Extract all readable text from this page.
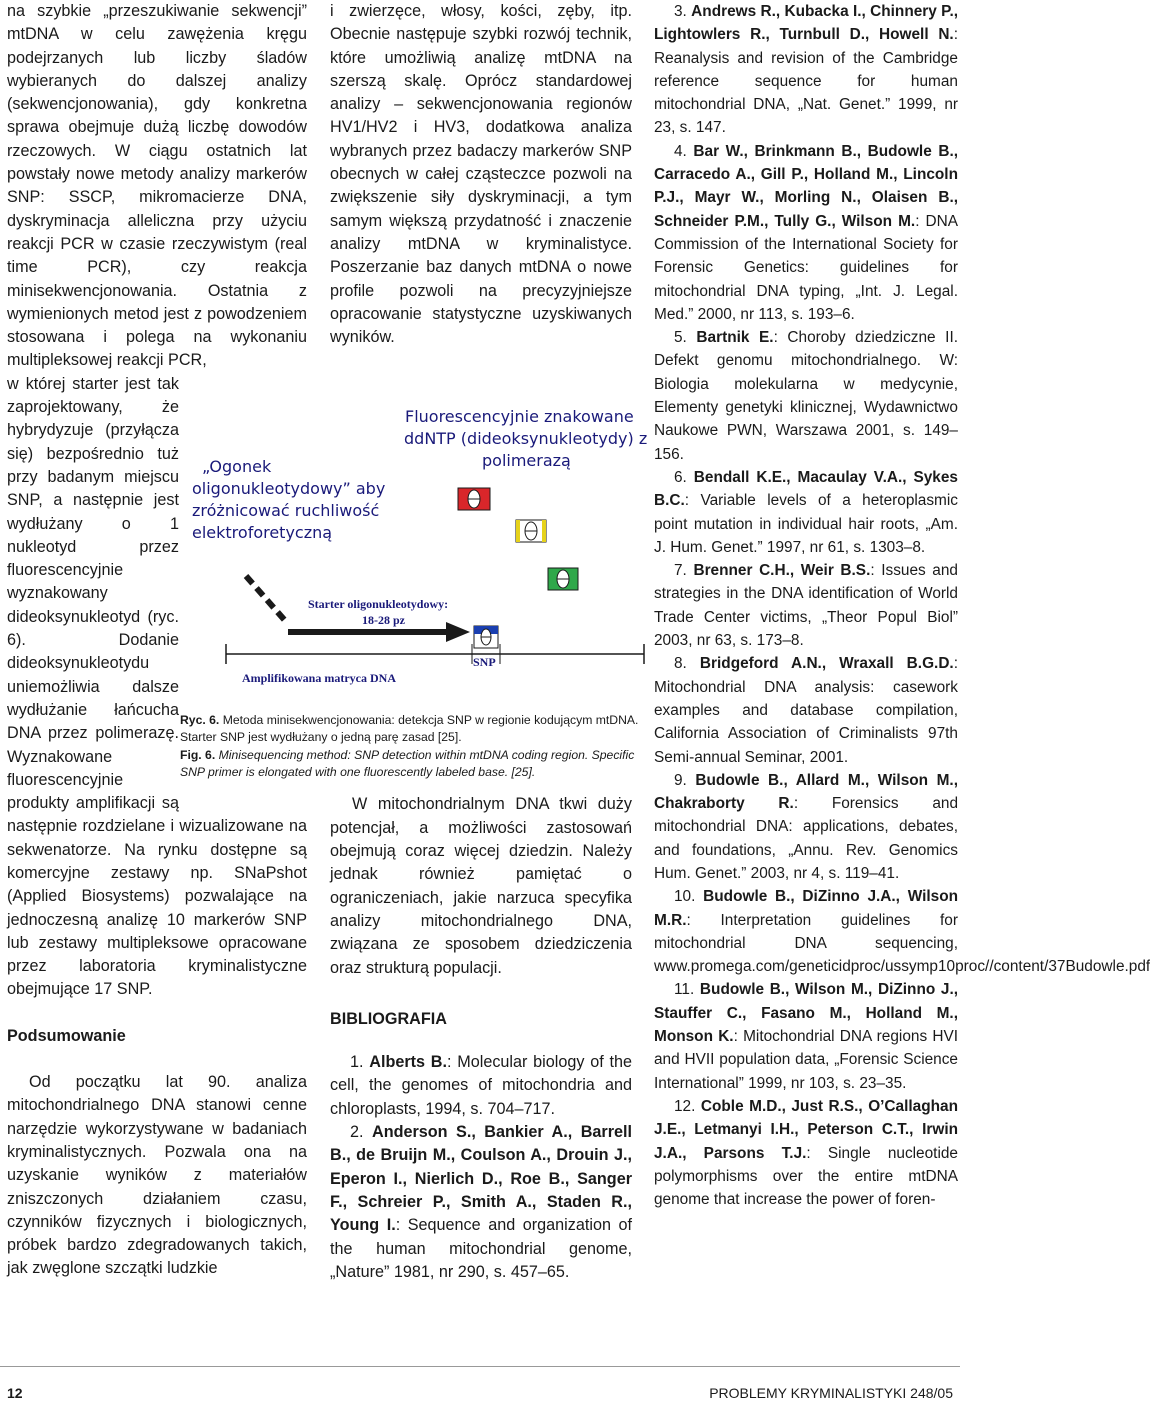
na szybkie „przeszukiwanie sekwencji” mtDNA w celu zawężenia kręgu podejrzanych lub liczby śladów wybieranych do dalszej analizy (sekwencjonowania), gdy konkretna sprawa obejmuje dużą liczbę dowodów rzeczowych. W ciągu ostatnich lat powstały nowe metody analizy markerów SNP: SSCP, mikromacierze DNA, dyskryminacja alleliczna przy użyciu reakcji PCR w czasie rzeczywistym (real time PCR), czy reakcja minisekwencjonowania. Ostatnia z wymienionych metod jest z powodzeniem stosowana i polega na wykonaniu multipleksowej reakcji PCR,

w której starter jest tak zaprojektowany, że hybrydyzuje (przyłącza się) bezpośrednio tuż przy badanym miejscu SNP, a następnie jest wydłużany o 1 nukleotyd przez fluorescencyjnie wyznakowany dideoksynukleotyd (ryc. 6). Dodanie dideoksynukleotydu uniemożliwia dalsze wydłużanie łańcucha DNA przez polimerazę. Wyznakowane fluorescencyjnie produkty amplifikacji są następnie rozdzielane i wizualizowane na sekwenatorze. Na rynku dostępne są komercyjne zestawy np. SNaPshot (Applied Biosystems) pozwalające na jednoczesną analizę 10 markerów SNP lub zestawy multipleksowe opracowane przez laboratoria kryminalistyczne obejmujące 17 SNP.

Podsumowanie

Od początku lat 90. analiza mitochondrialnego DNA stanowi cenne narzędzie wykorzystywane w badaniach kryminalistycznych. Pozwala ona na uzyskanie wyników z materiałów zniszczonych działaniem czasu, czynników fizycznych i biologicznych, próbek bardzo zdegradowanych takich, jak zwęglone szczątki ludzkie

i zwierzęce, włosy, kości, zęby, itp. Obecnie następuje szybki rozwój technik, które umożliwią analizę mtDNA na szerszą skalę. Oprócz standardowej analizy – sekwencjonowania regionów HV1/HV2 i HV3, dodatkowa analiza wybranych przez badaczy markerów SNP obecnych w całej cząsteczce pozwoli na zwiększenie siły dyskryminacji, a tym samym większą przydatność i znaczenie analizy mtDNA w kryminalistyce. Poszerzanie baz danych mtDNA o nowe profile pozwoli na precyzyjniejsze opracowanie statystyczne uzyskiwanych wyników.

W mitochondrialnym DNA tkwi duży potencjał, a możliwości zastosowań obejmują coraz więcej dziedzin. Należy jednak również pamiętać o ograniczeniach, jakie narzuca specyfika analizy mitochondrialnego DNA, związana ze sposobem dziedziczenia oraz strukturą populacji.

BIBLIOGRAFIA

1. Alberts B.: Molecular biology of the cell, the genomes of mitochondria and chloroplasts, 1994, s. 704–717.

2. Anderson S., Bankier A., Barrell B., de Bruijn M., Coulson A., Drouin J., Eperon I., Nierlich D., Roe B., Sanger F., Schreier P., Smith A., Staden R., Young I.: Sequence and organization of the human mitochondrial genome, „Nature” 1981, nr 290, s. 457–65.

3. Andrews R., Kubacka I., Chinnery P., Lightowlers R., Turnbull D., Howell N.: Reanalysis and revision of the Cambridge reference sequence for human mitochondrial DNA, „Nat. Genet.” 1999, nr 23, s. 147.

4. Bar W., Brinkmann B., Budowle B., Carracedo A., Gill P., Holland M., Lincoln P.J., Mayr W., Morling N., Olaisen B., Schneider P.M., Tully G., Wilson M.: DNA Commission of the International Society for Forensic Genetics: guidelines for mitochondrial DNA typing, „Int. J. Legal. Med.” 2000, nr 113, s. 193–6.

5. Bartnik E.: Choroby dziedziczne II. Defekt genomu mitochondrialnego. W: Biologia molekularna w medycynie, Elementy genetyki klinicznej, Wydawnictwo Naukowe PWN, Warszawa 2001, s. 149–156.

6. Bendall K.E., Macaulay V.A., Sykes B.C.: Variable levels of a heteroplasmic point mutation in individual hair roots, „Am. J. Hum. Genet.” 1997, nr 61, s. 1303–8.

7. Brenner C.H., Weir B.S.: Issues and strategies in the DNA identification of World Trade Center victims, „Theor Popul Biol” 2003, nr 63, s. 173–8.

8. Bridgeford A.N., Wraxall B.G.D.: Mitochondrial DNA analysis: casework examples and database compilation, California Association of Criminalists 97th Semi-annual Seminar, 2001.

9. Budowle B., Allard M., Wilson M., Chakraborty R.: Forensics and mitochondrial DNA: applications, debates, and foundations, „Annu. Rev. Genomics Hum. Genet.” 2003, nr 4, s. 119–41.

10. Budowle B., DiZinno J.A., Wilson M.R.: Interpretation guidelines for mitochondrial DNA sequencing, www.promega.com/geneticidproc/ussymp10proc//content/37Budowle.pdf

11. Budowle B., Wilson M., DiZinno J., Stauffer C., Fasano M., Holland M., Monson K.: Mitochondrial DNA regions HVI and HVII population data, „Forensic Science International” 1999, nr 103, s. 23–35.

12. Coble M.D., Just R.S., O’Callaghan J.E., Letmanyi I.H., Peterson C.T., Irwin J.A., Parsons T.J.: Single nucleotide polymorphisms over the entire mtDNA genome that increase the power of foren-

Fluorescencyjnie znakowane
ddNTP (dideoksynukleotydy) z
polimerazą
„Ogonek
oligonukleotydowy” aby
zróżnicować ruchliwość
elektroforetyczną
Starter oligonukleotydowy:
18-28 pz
SNP
Amplifikowana matryca DNA

Ryc. 6. Metoda minisekwencjonowania: detekcja SNP w regionie kodującym mtDNA. Starter SNP jest wydłużany o jedną parę zasad [25].

Fig. 6. Minisequencing method: SNP detection within mtDNA coding region. Specific SNP primer is elongated with one fluorescently labeled base. [25].

12	PROBLEMY KRYMINALISTYKI 248/05
